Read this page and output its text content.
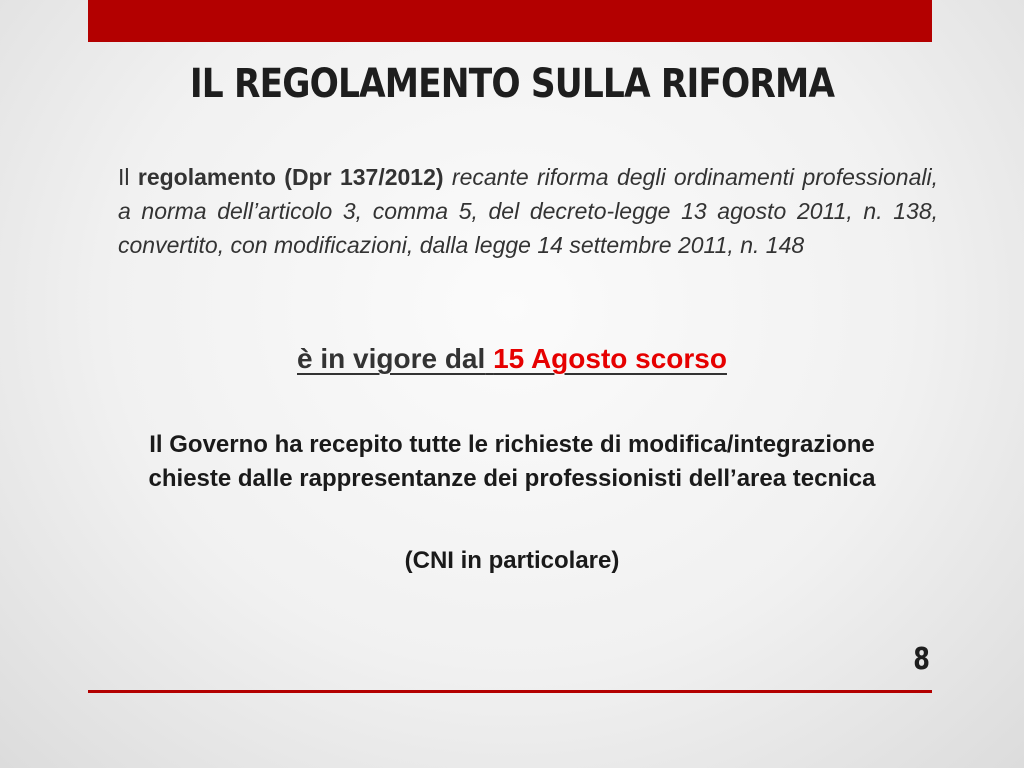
IL REGOLAMENTO SULLA RIFORMA

Il regolamento (Dpr 137/2012) recante riforma degli ordinamenti professionali, a norma dell’articolo 3, comma 5, del decreto-legge 13 agosto 2011, n. 138, convertito, con modificazioni, dalla legge 14 settembre 2011, n. 148

è in vigore dal 15 Agosto scorso

Il Governo ha recepito tutte le richieste di modifica/integrazione chieste dalle rappresentanze dei professionisti dell’area tecnica

(CNI in particolare)

8
